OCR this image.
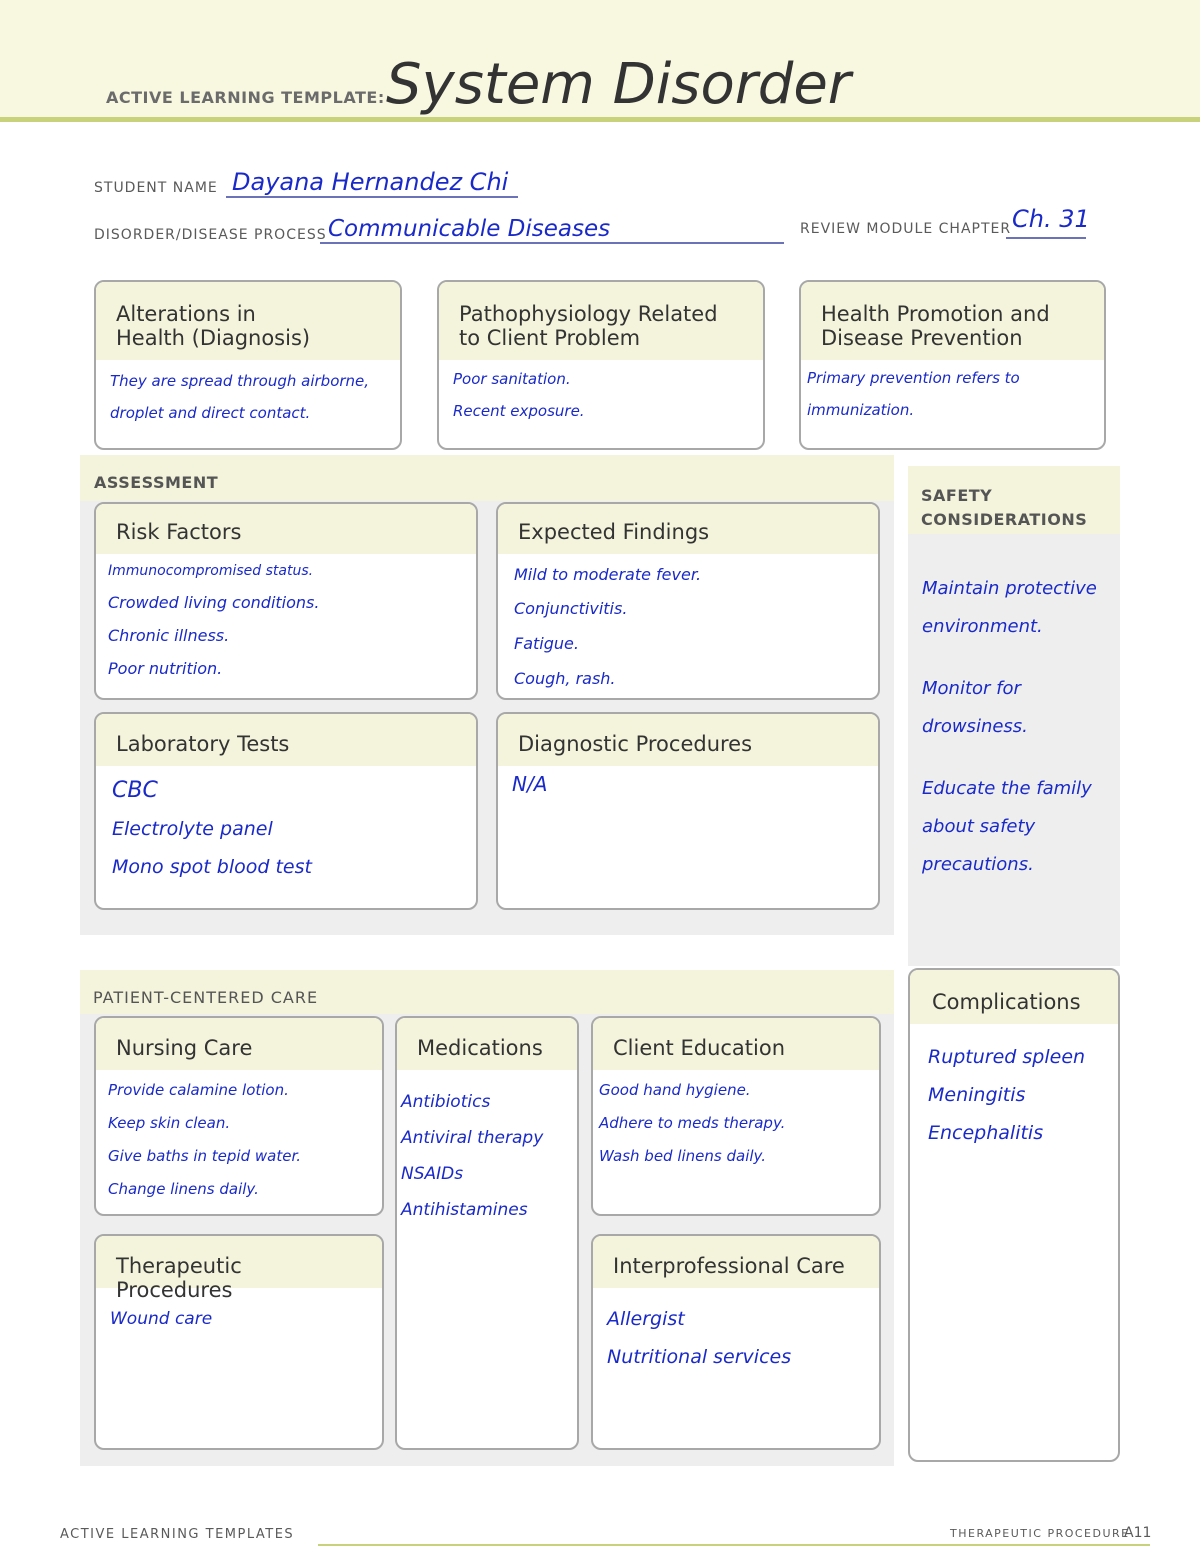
ACTIVE LEARNING TEMPLATE: System Disorder
STUDENT NAME Dayana Hernandez Chi
DISORDER/DISEASE PROCESS Communicable Diseases	REVIEW MODULE CHAPTER Ch. 31
Alterations in
Health (Diagnosis)
They are spread through airborne,
droplet and direct contact.
Pathophysiology Related
to Client Problem
Poor sanitation.
Recent exposure.
Health Promotion and
Disease Prevention
Primary prevention refers to
immunization.
ASSESSMENT
Risk Factors
Immunocompromised status.
Crowded living conditions.
Chronic illness.
Poor nutrition.
Expected Findings
Mild to moderate fever.
Conjunctivitis.
Fatigue.
Cough, rash.
Laboratory Tests
CBC
Electrolyte panel
Mono spot blood test
Diagnostic Procedures
N/A
SAFETY
CONSIDERATIONS
Maintain protective
environment.
Monitor for
drowsiness.
Educate the family
about safety
precautions.
PATIENT-CENTERED CARE
Nursing Care
Provide calamine lotion.
Keep skin clean.
Give baths in tepid water.
Change linens daily.
Medications
Antibiotics
Antiviral therapy
NSAIDs
Antihistamines
Client Education
Good hand hygiene.
Adhere to meds therapy.
Wash bed linens daily.
Therapeutic Procedures
Wound care
Interprofessional Care
Allergist
Nutritional services
Complications
Ruptured spleen
Meningitis
Encephalitis
ACTIVE LEARNING TEMPLATES	THERAPEUTIC PROCEDURE
A11
